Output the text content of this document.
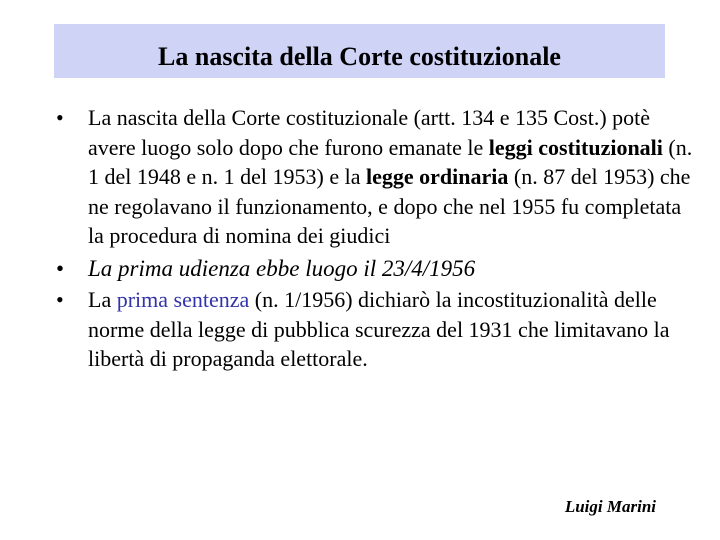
La nascita della Corte costituzionale
• La nascita della Corte costituzionale (artt. 134 e 135 Cost.) potè avere luogo solo dopo che furono emanate le leggi costituzionali (n. 1 del 1948 e n. 1 del 1953) e la legge ordinaria (n. 87 del 1953) che ne regolavano il funzionamento, e dopo che nel 1955 fu completata la procedura di nomina dei giudici
• La prima udienza ebbe luogo il 23/4/1956
• La prima sentenza (n. 1/1956) dichiarò la incostituzionalità delle norme della legge di pubblica scurezza del 1931 che limitavano la libertà di propaganda elettorale.
Luigi Marini
